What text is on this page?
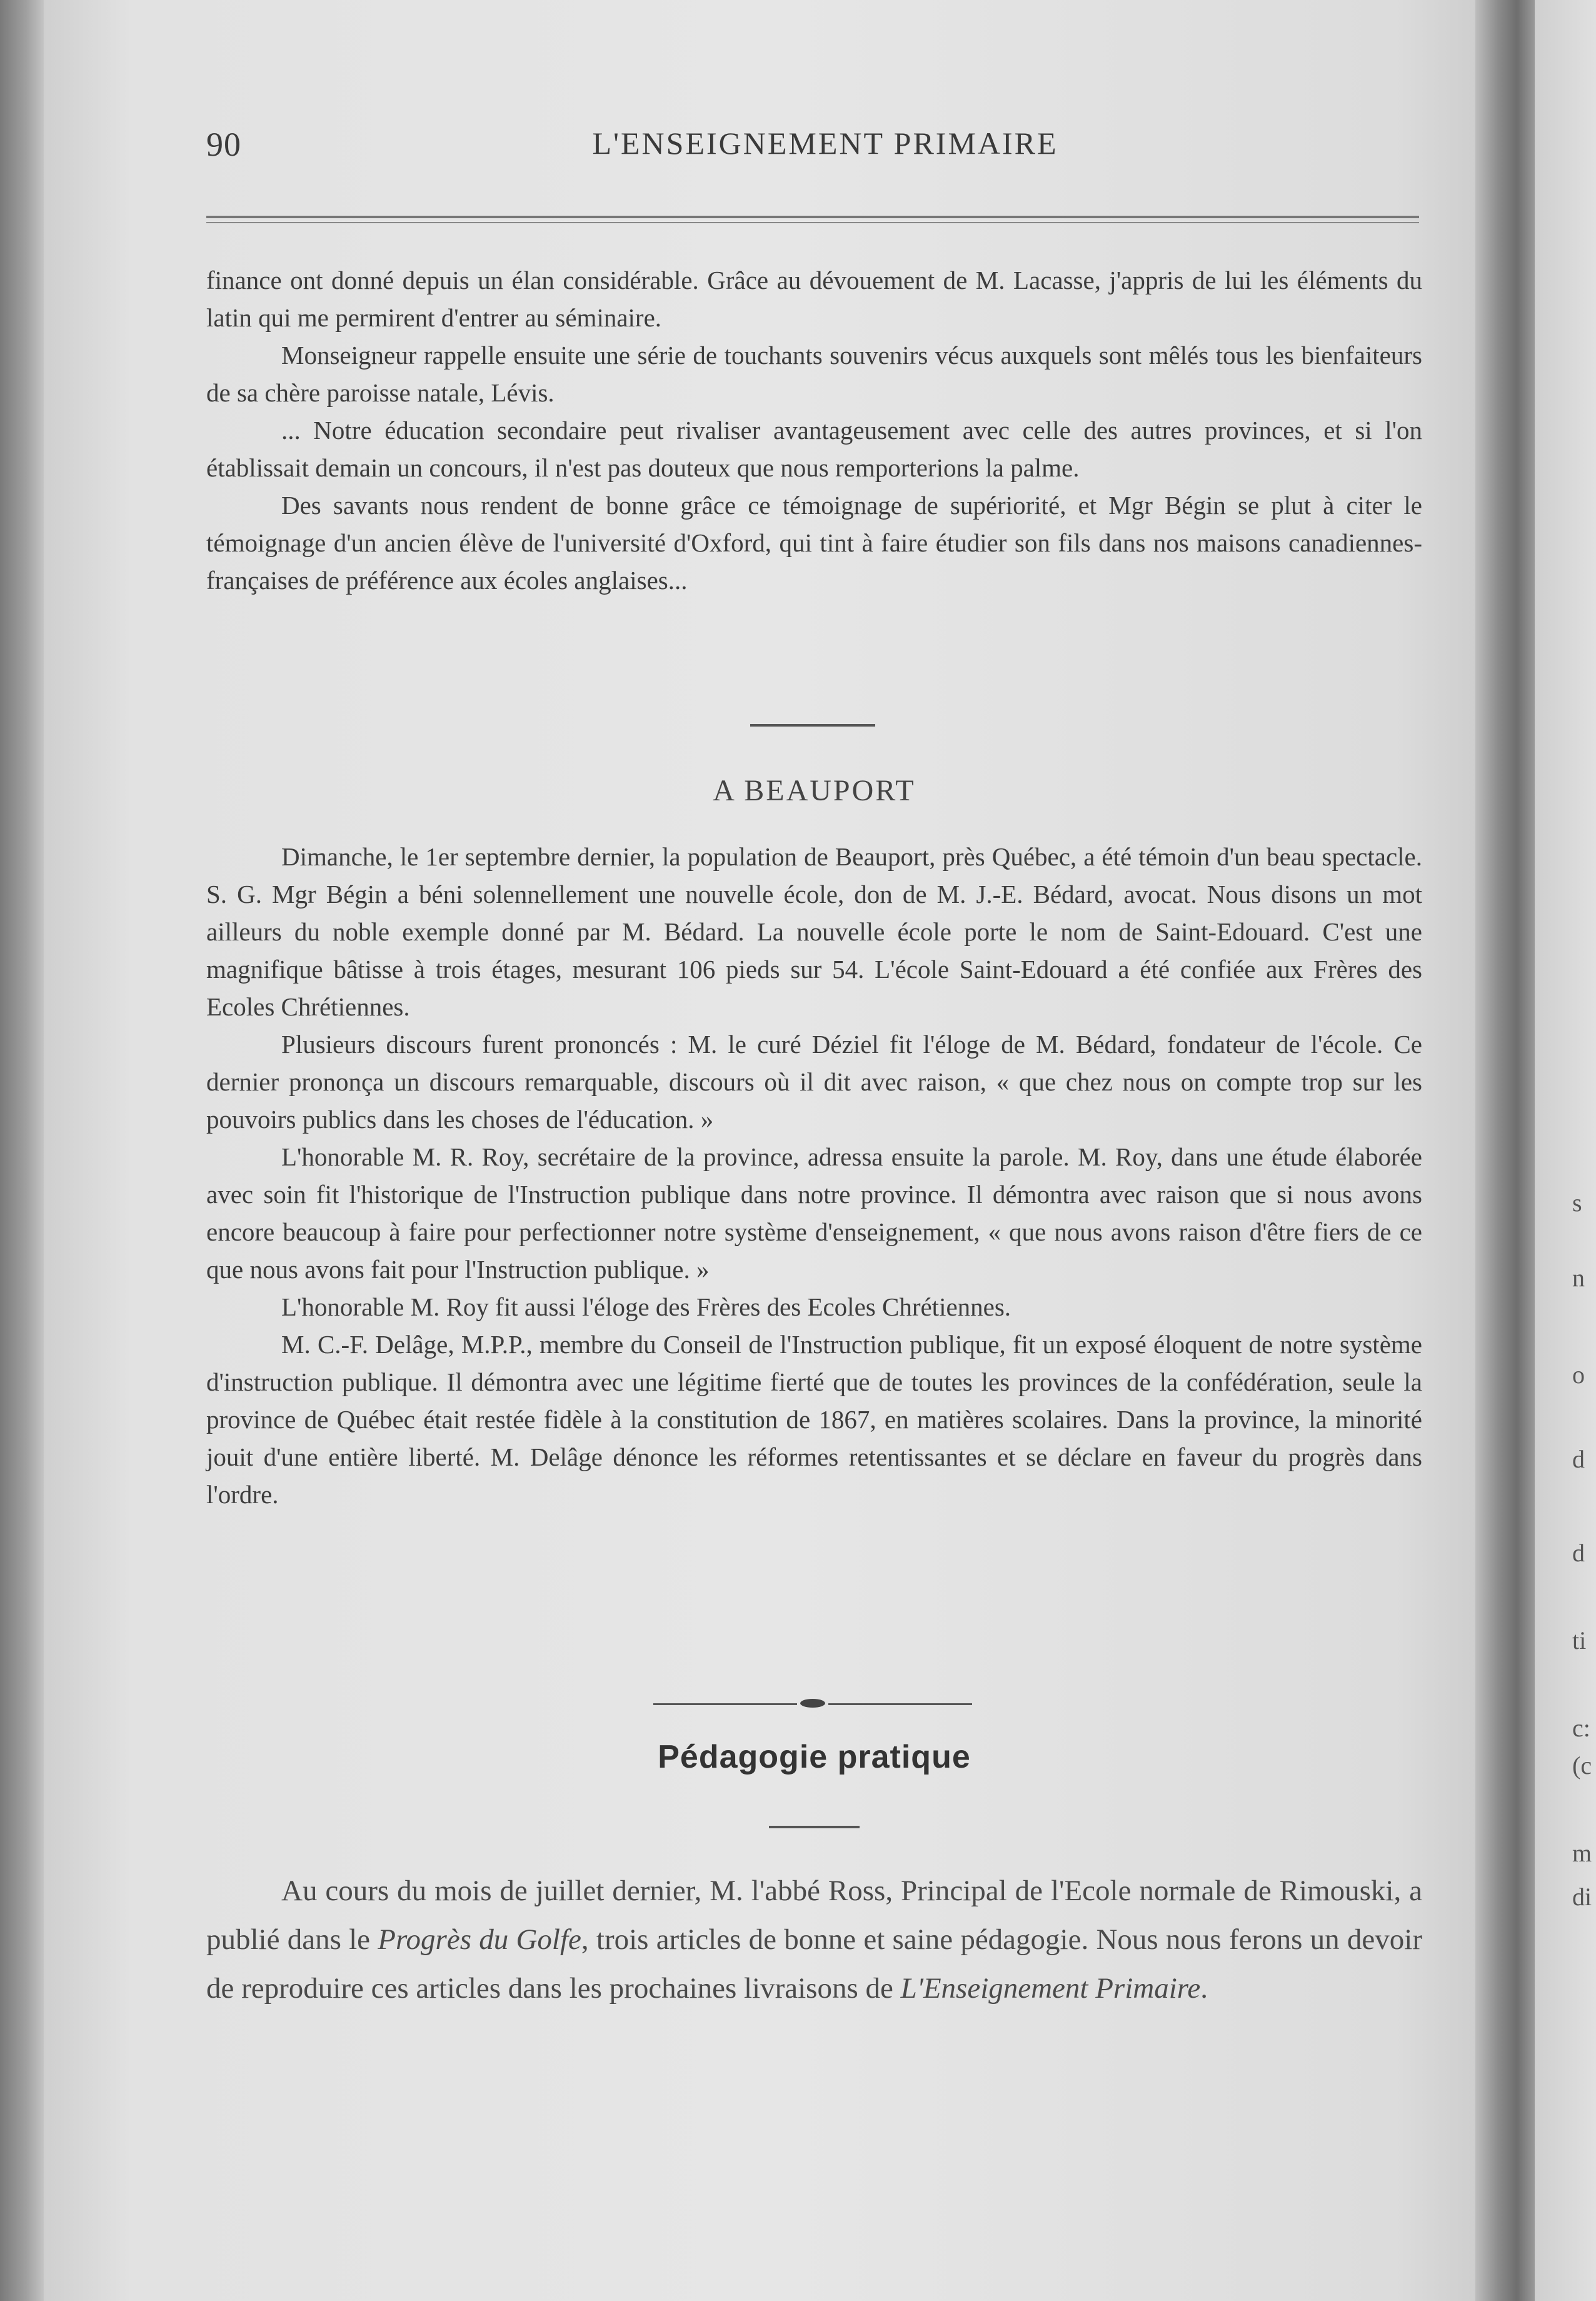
s
n
o
d
d
ti
c:
(c
m
di
90	L'ENSEIGNEMENT PRIMAIRE

finance ont donné depuis un élan considérable. Grâce au dévouement de M. Lacasse, j'appris de lui les éléments du latin qui me permirent d'entrer au séminaire.

Monseigneur rappelle ensuite une série de touchants souvenirs vécus auxquels sont mêlés tous les bienfaiteurs de sa chère paroisse natale, Lévis.

... Notre éducation secondaire peut rivaliser avantageusement avec celle des autres provinces, et si l'on établissait demain un concours, il n'est pas douteux que nous remporterions la palme.

Des savants nous rendent de bonne grâce ce témoignage de supériorité, et Mgr Bégin se plut à citer le témoignage d'un ancien élève de l'université d'Oxford, qui tint à faire étudier son fils dans nos maisons canadiennes-françaises de préférence aux écoles anglaises...

A BEAUPORT

Dimanche, le 1er septembre dernier, la population de Beauport, près Québec, a été témoin d'un beau spectacle. S. G. Mgr Bégin a béni solennellement une nouvelle école, don de M. J.-E. Bédard, avocat. Nous disons un mot ailleurs du noble exemple donné par M. Bédard. La nouvelle école porte le nom de Saint-Edouard. C'est une magnifique bâtisse à trois étages, mesurant 106 pieds sur 54. L'école Saint-Edouard a été confiée aux Frères des Ecoles Chrétiennes.

Plusieurs discours furent prononcés : M. le curé Déziel fit l'éloge de M. Bédard, fondateur de l'école. Ce dernier prononça un discours remarquable, discours où il dit avec raison, « que chez nous on compte trop sur les pouvoirs publics dans les choses de l'éducation. »

L'honorable M. R. Roy, secrétaire de la province, adressa ensuite la parole. M. Roy, dans une étude élaborée avec soin fit l'historique de l'Instruction publique dans notre province. Il démontra avec raison que si nous avons encore beaucoup à faire pour perfectionner notre système d'enseignement, « que nous avons raison d'être fiers de ce que nous avons fait pour l'Instruction publique. »

L'honorable M. Roy fit aussi l'éloge des Frères des Ecoles Chrétiennes.

M. C.-F. Delâge, M.P.P., membre du Conseil de l'Instruction publique, fit un exposé éloquent de notre système d'instruction publique. Il démontra avec une légitime fierté que de toutes les provinces de la confédération, seule la province de Québec était restée fidèle à la constitution de 1867, en matières scolaires. Dans la province, la minorité jouit d'une entière liberté. M. Delâge dénonce les réformes retentissantes et se déclare en faveur du progrès dans l'ordre.

Pédagogie pratique

Au cours du mois de juillet dernier, M. l'abbé Ross, Principal de l'Ecole normale de Rimouski, a publié dans le Progrès du Golfe, trois articles de bonne et saine pédagogie. Nous nous ferons un devoir de reproduire ces articles dans les prochaines livraisons de L'Enseignement Primaire.
